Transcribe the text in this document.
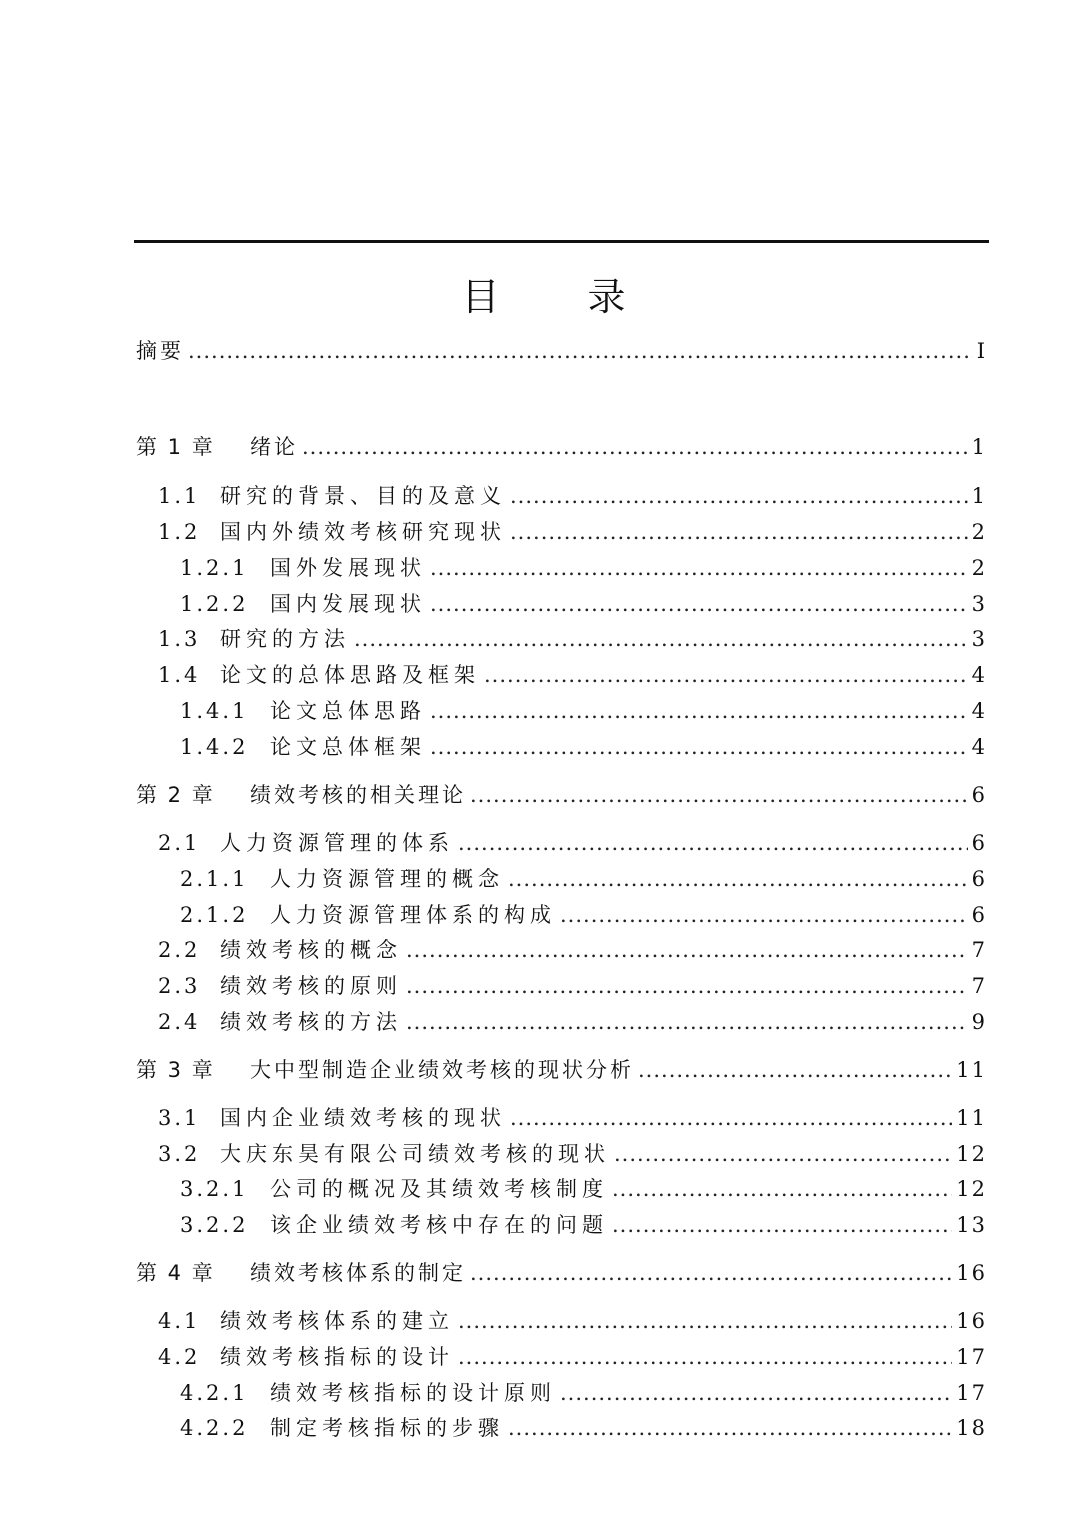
目 录
摘要 .....	I
第 1 章	绪论 .....	1
1.1 研究的背景、目的及意义 .....	1
1.2 国内外绩效考核研究现状 .....	2
1.2.1	国外发展现状 .....	2
1.2.2	国内发展现状 .....	3
1.3 研究的方法 .....	3
1.4 论文的总体思路及框架 .....	4
1.4.1	论文总体思路 .....	4
1.4.2	论文总体框架 .....	4
第 2 章	绩效考核的相关理论 .....	6
2.1 人力资源管理的体系 .....	6
2.1.1	人力资源管理的概念 .....	6
2.1.2	人力资源管理体系的构成 .....	6
2.2 绩效考核的概念 .....	7
2.3 绩效考核的原则 .....	7
2.4 绩效考核的方法 .....	9
第 3 章	大中型制造企业绩效考核的现状分析 .....	11
3.1 国内企业绩效考核的现状 .....	11
3.2 大庆东昊有限公司绩效考核的现状 .....	12
3.2.1	公司的概况及其绩效考核制度 .....	12
3.2.2	该企业绩效考核中存在的问题 .....	13
第 4 章	绩效考核体系的制定 .....	16
4.1 绩效考核体系的建立 .....	16
4.2 绩效考核指标的设计 .....	17
4.2.1	绩效考核指标的设计原则 .....	17
4.2.2	制定考核指标的步骤 .....	18
